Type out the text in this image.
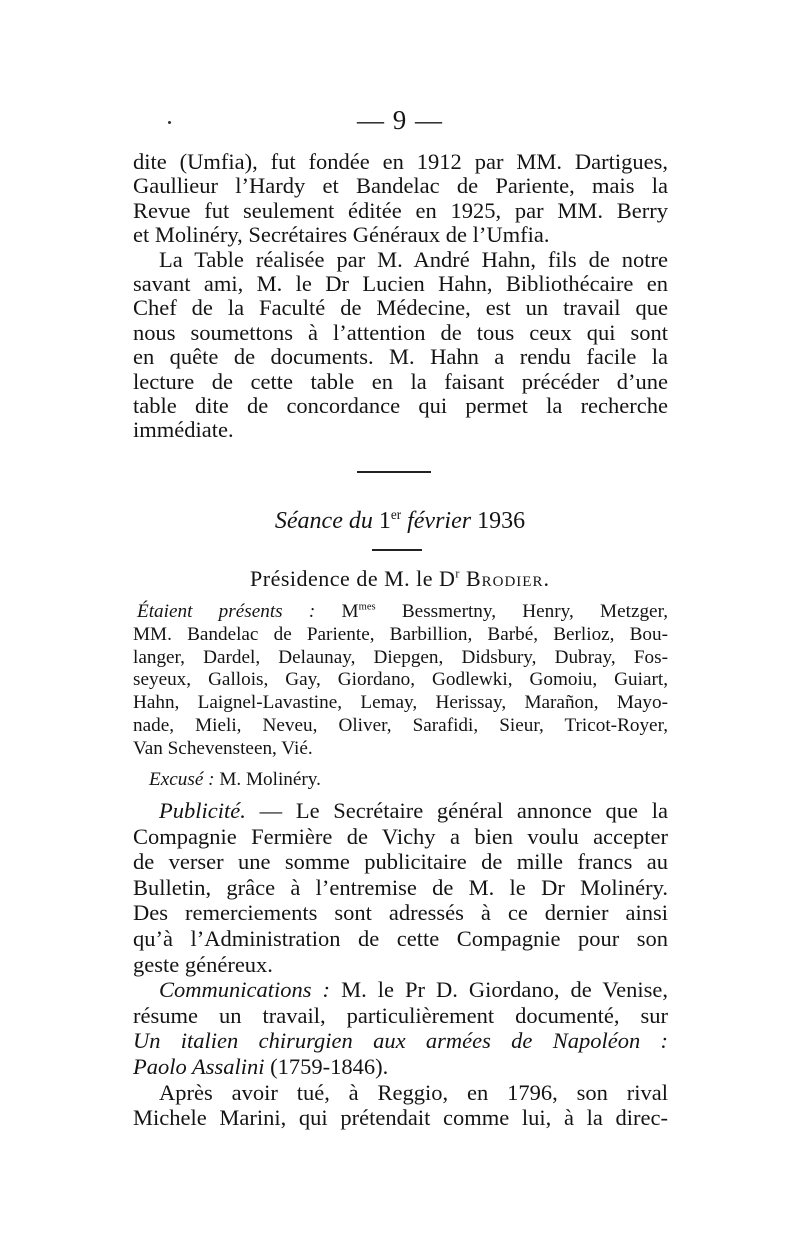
— 9 —
dite (Umfia), fut fondée en 1912 par MM. Dartigues,
Gaullieur l’Hardy et Bandelac de Pariente, mais la
Revue fut seulement éditée en 1925, par MM. Berry
et Molinéry, Secrétaires Généraux de l’Umfia.
La Table réalisée par M. André Hahn, fils de notre
savant ami, M. le Dr Lucien Hahn, Bibliothécaire en
Chef de la Faculté de Médecine, est un travail que
nous soumettons à l’attention de tous ceux qui sont
en quête de documents. M. Hahn a rendu facile la
lecture de cette table en la faisant précéder d’une
table dite de concordance qui permet la recherche
immédiate.
Séance du 1er février 1936
Présidence de M. le $D^r$ Brodier.
Étaient présents : $M^{mes}$ Bessmertny, Henry, Metzger,
MM. Bandelac de Pariente, Barbillion, Barbé, Berlioz, Bou-
langer, Dardel, Delaunay, Diepgen, Didsbury, Dubray, Fos-
seyeux, Gallois, Gay, Giordano, Godlewki, Gomoiu, Guiart,
Hahn, Laignel-Lavastine, Lemay, Herissay, Marañon, Mayo-
nade, Mieli, Neveu, Oliver, Sarafidi, Sieur, Tricot-Royer,
Van Schevensteen, Vié.
Excusé : M. Molinéry.
Publicité. — Le Secrétaire général annonce que la
Compagnie Fermière de Vichy a bien voulu accepter
de verser une somme publicitaire de mille francs au
Bulletin, grâce à l’entremise de M. le Dr Molinéry.
Des remerciements sont adressés à ce dernier ainsi
qu’à l’Administration de cette Compagnie pour son
geste généreux.
Communications : M. le Pr D. Giordano, de Venise,
résume un travail, particulièrement documenté, sur
Un italien chirurgien aux armées de Napoléon :
Paolo Assalini (1759-1846).
Après avoir tué, à Reggio, en 1796, son rival
Michele Marini, qui prétendait comme lui, à la direc-
